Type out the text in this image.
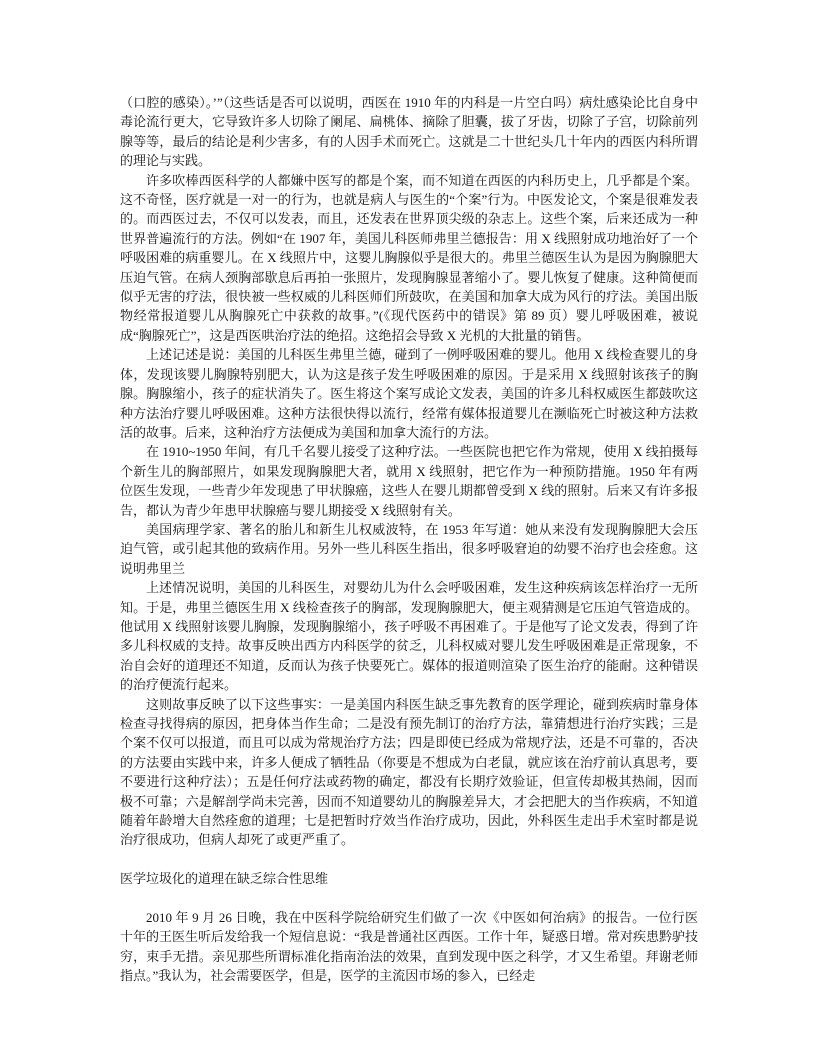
（口腔的感染）。’”（这些话是否可以说明，西医在 1910 年的内科是一片空白吗）病灶感染论比自身中毒论流行更大，它导致许多人切除了阑尾、扁桃体、摘除了胆囊，拔了牙齿，切除了子宫，切除前列腺等等，最后的结论是利少害多，有的人因手术而死亡。这就是二十世纪头几十年内的西医内科所谓的理论与实践。

许多吹棒西医科学的人都嫌中医写的都是个案，而不知道在西医的内科历史上，几乎都是个案。这不奇怪，医疗就是一对一的行为，也就是病人与医生的“个案”行为。中医发论文，个案是很难发表的。而西医过去，不仅可以发表，而且，还发表在世界顶尖级的杂志上。这些个案，后来还成为一种世界普遍流行的方法。例如“在 1907 年，美国儿科医师弗里兰德报告：用 X 线照射成功地治好了一个呼吸困难的病重婴儿。在 X 线照片中，这婴儿胸腺似乎是很大的。弗里兰德医生认为是因为胸腺肥大压迫气管。在病人颈胸部歇息后再拍一张照片，发现胸腺显著缩小了。婴儿恢复了健康。这种简便而似乎无害的疗法，很快被一些权威的儿科医师们所鼓吹，在美国和加拿大成为风行的疗法。美国出版物经常报道婴儿从胸腺死亡中获救的故事。”(《现代医药中的错误》第 89 页）婴儿呼吸困难，被说成“胸腺死亡”，这是西医哄治疗法的绝招。这绝招会导致 X 光机的大批量的销售。

上述记述是说：美国的儿科医生弗里兰德，碰到了一例呼吸困难的婴儿。他用 X 线检查婴儿的身体，发现该婴儿胸腺特别肥大，认为这是孩子发生呼吸困难的原因。于是采用 X 线照射该孩子的胸腺。胸腺缩小，孩子的症状消失了。医生将这个案写成论文发表，美国的许多儿科权威医生都鼓吹这种方法治疗婴儿呼吸困难。这种方法很快得以流行，经常有媒体报道婴儿在濒临死亡时被这种方法救活的故事。后来，这种治疗方法便成为美国和加拿大流行的方法。

在 1910~1950 年间，有几千名婴儿接受了这种疗法。一些医院也把它作为常规，使用 X 线拍摄每个新生儿的胸部照片，如果发现胸腺肥大者，就用 X 线照射，把它作为一种预防措施。1950 年有两位医生发现，一些青少年发现患了甲状腺癌，这些人在婴儿期都曾受到 X 线的照射。后来又有许多报告，都认为青少年患甲状腺癌与婴儿期接受 X 线照射有关。

美国病理学家、著名的胎儿和新生儿权威波特，在 1953 年写道：她从来没有发现胸腺肥大会压迫气管，或引起其他的致病作用。另外一些儿科医生指出，很多呼吸窘迫的幼婴不治疗也会痊愈。这说明弗里兰

上述情况说明，美国的儿科医生，对婴幼儿为什么会呼吸困难，发生这种疾病该怎样治疗一无所知。于是，弗里兰德医生用 X 线检查孩子的胸部，发现胸腺肥大，便主观猜测是它压迫气管造成的。他试用 X 线照射该婴儿胸腺，发现胸腺缩小，孩子呼吸不再困难了。于是他写了论文发表，得到了许多儿科权威的支持。故事反映出西方内科医学的贫乏，儿科权威对婴儿发生呼吸困难是正常现象，不治自会好的道理还不知道，反而认为孩子快要死亡。媒体的报道则渲染了医生治疗的能耐。这种错误的治疗便流行起来。

这则故事反映了以下这些事实：一是美国内科医生缺乏事先教育的医学理论，碰到疾病时靠身体检查寻找得病的原因，把身体当作生命；二是没有预先制订的治疗方法，靠猜想进行治疗实践；三是个案不仅可以报道，而且可以成为常规治疗方法；四是即使已经成为常规疗法，还是不可靠的，否决的方法要由实践中来，许多人便成了牺牲品（你要是不想成为白老鼠，就应该在治疗前认真思考，要不要进行这种疗法）；五是任何疗法或药物的确定，都没有长期疗效验证，但宣传却极其热闹，因而极不可靠；六是解剖学尚未完善，因而不知道婴幼儿的胸腺差异大，才会把肥大的当作疾病，不知道随着年龄增大自然痊愈的道理；七是把暂时疗效当作治疗成功，因此，外科医生走出手术室时都是说治疗很成功，但病人却死了或更严重了。

医学垃圾化的道理在缺乏综合性思维

2010 年 9 月 26 日晚，我在中医科学院给研究生们做了一次《中医如何治病》的报告。一位行医十年的王医生听后发给我一个短信息说：“我是普通社区西医。工作十年，疑惑日增。常对疾患黔驴技穷，束手无措。亲见那些所谓标准化指南治法的效果，直到发现中医之科学，才又生希望。拜谢老师指点。”我认为，社会需要医学，但是，医学的主流因市场的参入，已经走
